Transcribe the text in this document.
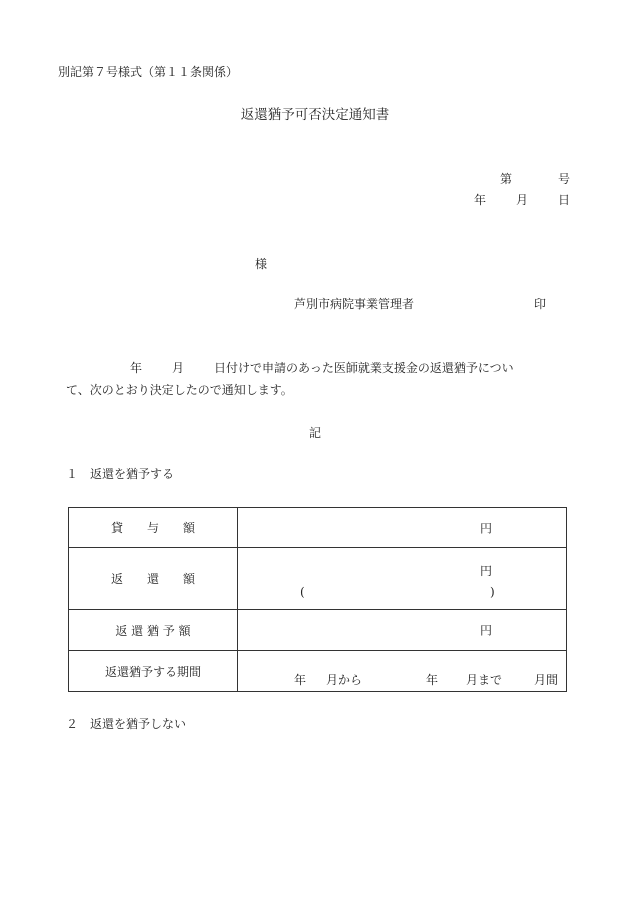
別記第７号様式（第１１条関係）
返還猶予可否決定通知書
第	号
年	月	日
様
芦別市病院事業管理者	印
年	月	日付けで申請のあった医師就業支援金の返還猶予につい
て、次のとおり決定したので通知します。
記
１　返還を猶予する
貸　　与　　額	円

返　　還　　額	円
( )

返 還 猶 予 額	円

返還猶予する期間	年 月から 年 月まで 月間
２　返還を猶予しない
